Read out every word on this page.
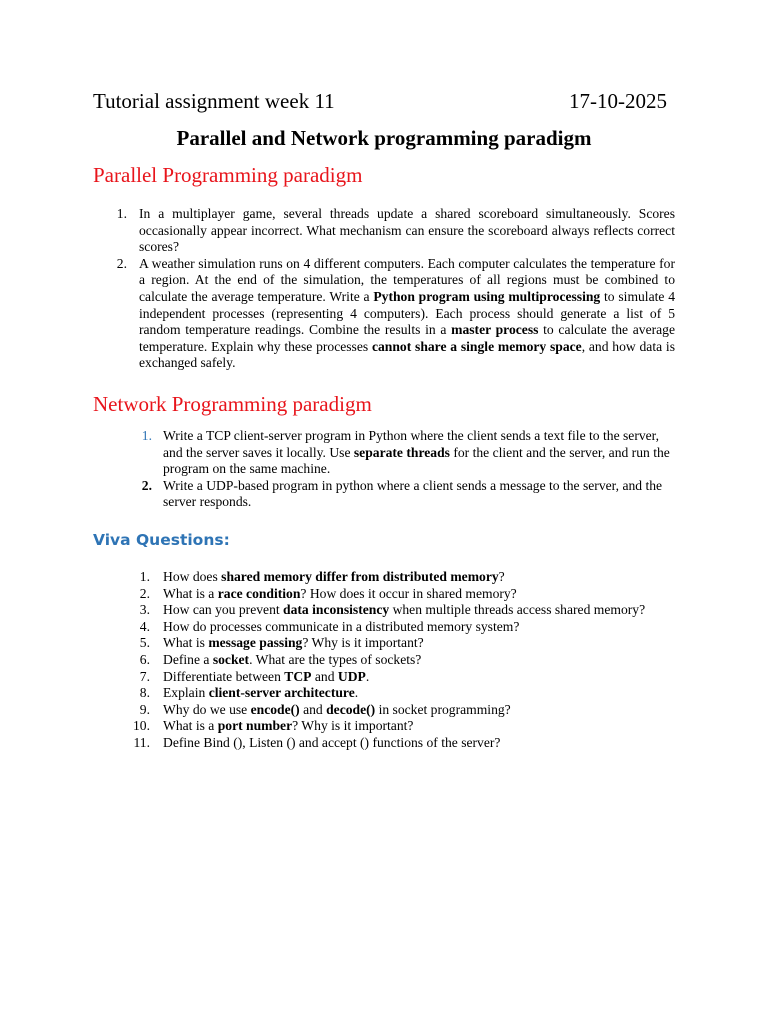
Tutorial assignment week 11	17-10-2025
Parallel and Network programming paradigm
Parallel Programming paradigm
1. In a multiplayer game, several threads update a shared scoreboard simultaneously. Scores occasionally appear incorrect. What mechanism can ensure the scoreboard always reflects correct scores?
2. A weather simulation runs on 4 different computers. Each computer calculates the temperature for a region. At the end of the simulation, the temperatures of all regions must be combined to calculate the average temperature. Write a Python program using multiprocessing to simulate 4 independent processes (representing 4 computers). Each process should generate a list of 5 random temperature readings. Combine the results in a master process to calculate the average temperature. Explain why these processes cannot share a single memory space, and how data is exchanged safely.
Network Programming paradigm
1. Write a TCP client-server program in Python where the client sends a text file to the server, and the server saves it locally. Use separate threads for the client and the server, and run the program on the same machine.
2. Write a UDP-based program in python where a client sends a message to the server, and the server responds.
Viva Questions:
1. How does shared memory differ from distributed memory?
2. What is a race condition? How does it occur in shared memory?
3. How can you prevent data inconsistency when multiple threads access shared memory?
4. How do processes communicate in a distributed memory system?
5. What is message passing? Why is it important?
6. Define a socket. What are the types of sockets?
7. Differentiate between TCP and UDP.
8. Explain client-server architecture.
9. Why do we use encode() and decode() in socket programming?
10. What is a port number? Why is it important?
11. Define Bind (), Listen () and accept () functions of the server?
